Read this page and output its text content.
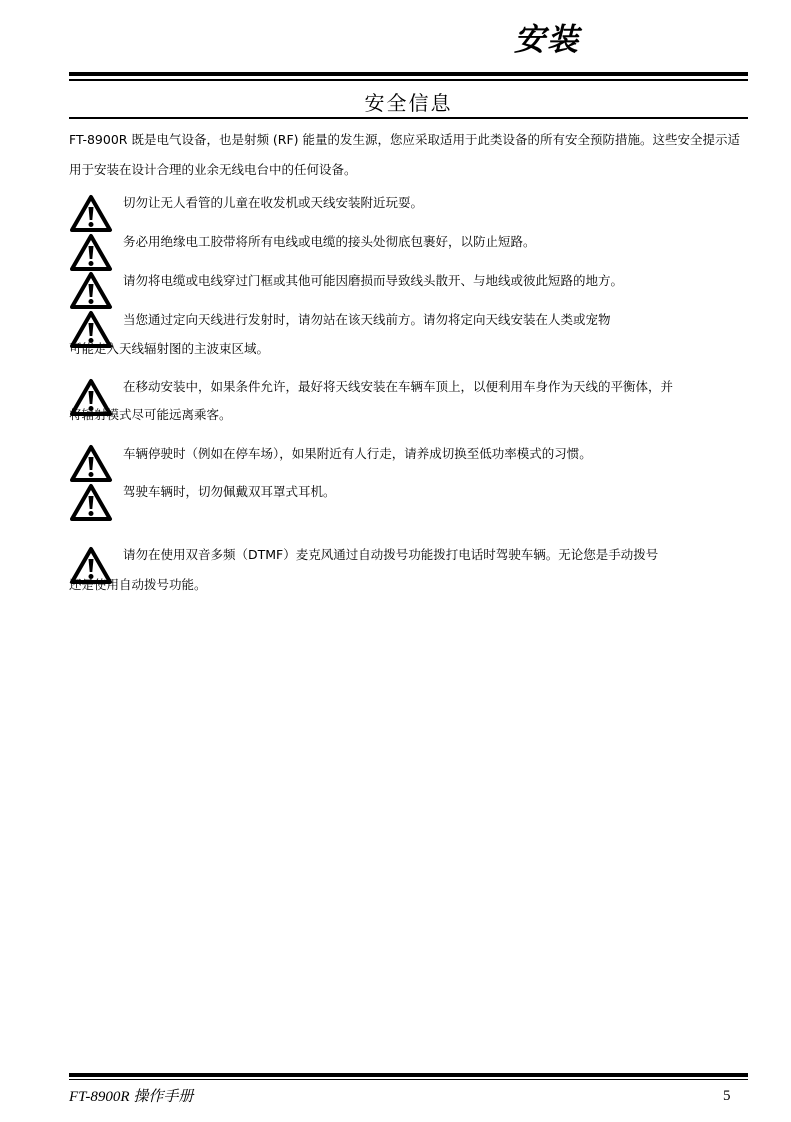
安装
安全信息
FT-8900R 既是电气设备，也是射频 (RF) 能量的发生源，您应采取适用于此类设备的所有安全预防措施。这些安全提示适用于安装在设计合理的业余无线电台中的任何设备。
切勿让无人看管的儿童在收发机或天线安装附近玩耍。
务必用绝缘电工胶带将所有电线或电缆的接头处彻底包裹好，以防止短路。
请勿将电缆或电线穿过门框或其他可能因磨损而导致线头散开、与地线或彼此短路的地方。
当您通过定向天线进行发射时，请勿站在该天线前方。请勿将定向天线安装在人类或宠物
可能走入天线辐射图的主波束区域。
在移动安装中，如果条件允许，最好将天线安装在车辆车顶上，以便利用车身作为天线的平衡体，并
将辐射模式尽可能远离乘客。
车辆停驶时（例如在停车场），如果附近有人行走，请养成切换至低功率模式的习惯。
驾驶车辆时，切勿佩戴双耳罩式耳机。
请勿在使用双音多频（DTMF）麦克风通过自动拨号功能拨打电话时驾驶车辆。无论您是手动拨号
还是使用自动拨号功能。
FT-8900R 操作手册	5
